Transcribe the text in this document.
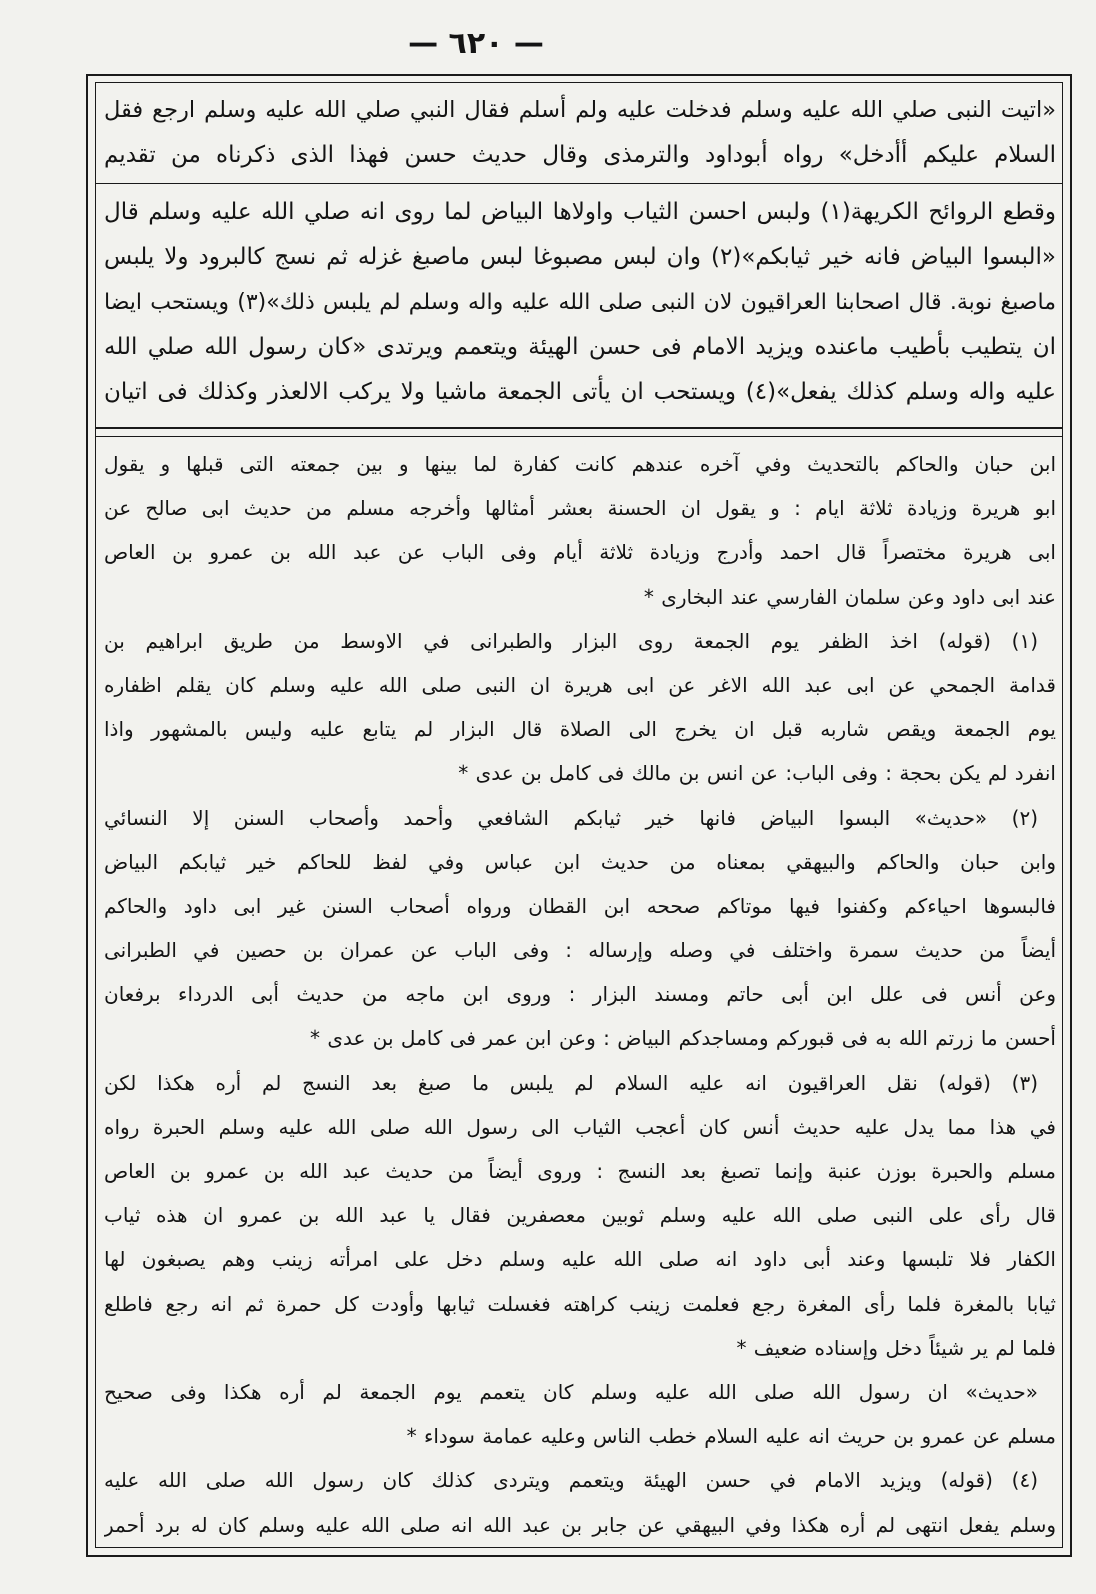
— ٦٢٠ —
«اتيت النبى صلي الله عليه وسلم فدخلت عليه ولم أسلم فقال النبي صلي الله عليه وسلم ارجع فقل
السلام عليكم أأدخل» رواه أبوداود والترمذى وقال حديث حسن فهذا الذى ذكرناه من تقديم
وقطع الروائح الكريهة(١) ولبس احسن الثياب واولاها البياض لما روى انه صلي الله عليه وسلم قال
«البسوا البياض فانه خير ثيابكم»(٢) وان لبس مصبوغا لبس ماصبغ غزله ثم نسج كالبرود ولا يلبس
ماصبغ نوبة. قال اصحابنا العراقيون لان النبى صلى الله عليه واله وسلم لم يلبس ذلك»(٣) ويستحب ايضا
ان يتطيب بأطيب ماعنده ويزيد الامام فى حسن الهيئة ويتعمم ويرتدى «كان رسول الله صلي الله
عليه واله وسلم كذلك يفعل»(٤) ويستحب ان يأتى الجمعة ماشيا ولا يركب الالعذر وكذلك فى اتيان
ابن حبان والحاكم بالتحديث وفي آخره عندهم كانت كفارة لما بينها و بين جمعته التى قبلها و يقول
ابو هريرة وزيادة ثلاثة ايام : و يقول ان الحسنة بعشر أمثالها وأخرجه مسلم من حديث ابى صالح عن
ابى هريرة مختصراً قال احمد وأدرج وزيادة ثلاثة أيام وفى الباب عن عبد الله بن عمرو بن العاص
عند ابى داود وعن سلمان الفارسي عند البخارى *
(١) (قوله) اخذ الظفر يوم الجمعة روى البزار والطبرانى في الاوسط من طريق ابراهيم بن
قدامة الجمحي عن ابى عبد الله الاغر عن ابى هريرة ان النبى صلى الله عليه وسلم كان يقلم اظفاره
يوم الجمعة ويقص شاربه قبل ان يخرج الى الصلاة قال البزار لم يتابع عليه وليس بالمشهور واذا
انفرد لم يكن بحجة : وفى الباب: عن انس بن مالك فى كامل بن عدى *
(٢) «حديث» البسوا البياض فانها خير ثيابكم الشافعي وأحمد وأصحاب السنن إلا النسائي
وابن حبان والحاكم والبيهقي بمعناه من حديث ابن عباس وفي لفظ للحاكم خير ثيابكم البياض
فالبسوها احياءكم وكفنوا فيها موتاكم صححه ابن القطان ورواه أصحاب السنن غير ابى داود والحاكم
أيضاً من حديث سمرة واختلف في وصله وإرساله : وفى الباب عن عمران بن حصين في الطبرانى
وعن أنس فى علل ابن أبى حاتم ومسند البزار : وروى ابن ماجه من حديث أبى الدرداء برفعان
أحسن ما زرتم الله به فى قبوركم ومساجدكم البياض : وعن ابن عمر فى كامل بن عدى *
(٣) (قوله) نقل العراقيون انه عليه السلام لم يلبس ما صبغ بعد النسج لم أره هكذا لكن
في هذا مما يدل عليه حديث أنس كان أعجب الثياب الى رسول الله صلى الله عليه وسلم الحبرة رواه
مسلم والحبرة بوزن عنبة وإنما تصبغ بعد النسج : وروى أيضاً من حديث عبد الله بن عمرو بن العاص
قال رأى على النبى صلى الله عليه وسلم ثوبين معصفرين فقال يا عبد الله بن عمرو ان هذه ثياب
الكفار فلا تلبسها وعند أبى داود انه صلى الله عليه وسلم دخل على امرأته زينب وهم يصبغون لها
ثيابا بالمغرة فلما رأى المغرة رجع فعلمت زينب كراهته فغسلت ثيابها وأودت كل حمرة ثم انه رجع فاطلع
فلما لم ير شيئاً دخل وإسناده ضعيف *
«حديث» ان رسول الله صلى الله عليه وسلم كان يتعمم يوم الجمعة لم أره هكذا وفى صحيح
مسلم عن عمرو بن حريث انه عليه السلام خطب الناس وعليه عمامة سوداء *
(٤) (قوله) ويزيد الامام في حسن الهيئة ويتعمم ويتردى كذلك كان رسول الله صلى الله عليه
وسلم يفعل انتهى لم أره هكذا وفي البيهقي عن جابر بن عبد الله انه صلى الله عليه وسلم كان له برد أحمر
